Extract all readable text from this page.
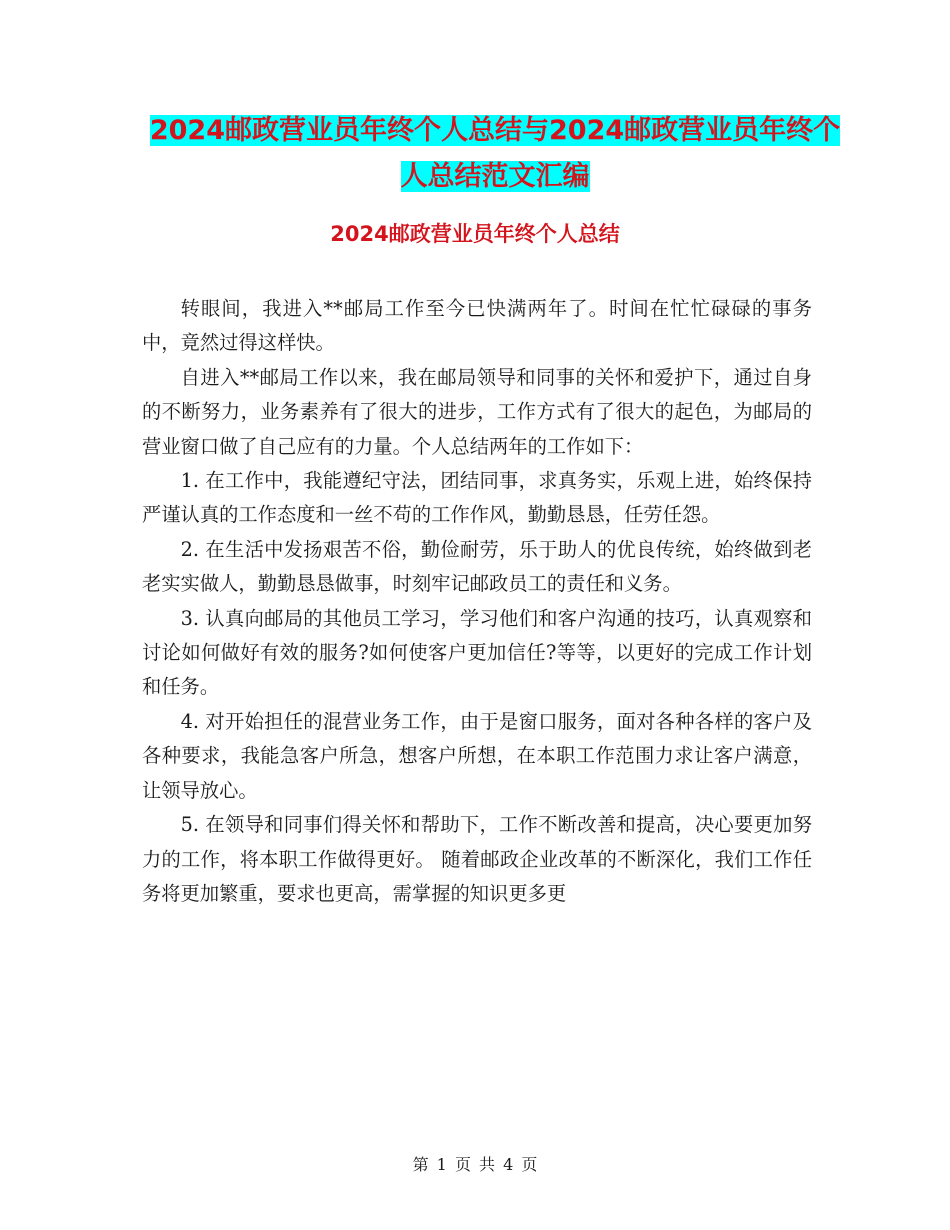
2024邮政营业员年终个人总结与2024邮政营业员年终个人总结范文汇编
2024邮政营业员年终个人总结

转眼间，我进入**邮局工作至今已快满两年了。时间在忙忙碌碌的事务中，竟然过得这样快。

自进入**邮局工作以来，我在邮局领导和同事的关怀和爱护下，通过自身的不断努力，业务素养有了很大的进步，工作方式有了很大的起色，为邮局的营业窗口做了自己应有的力量。个人总结两年的工作如下：

1. 在工作中，我能遵纪守法，团结同事，求真务实，乐观上进，始终保持严谨认真的工作态度和一丝不苟的工作作风，勤勤恳恳，任劳任怨。

2. 在生活中发扬艰苦不俗，勤俭耐劳，乐于助人的优良传统，始终做到老老实实做人，勤勤恳恳做事，时刻牢记邮政员工的责任和义务。

3. 认真向邮局的其他员工学习，学习他们和客户沟通的技巧，认真观察和讨论如何做好有效的服务?如何使客户更加信任?等等，以更好的完成工作计划和任务。

4. 对开始担任的混营业务工作，由于是窗口服务，面对各种各样的客户及各种要求，我能急客户所急，想客户所想，在本职工作范围力求让客户满意，让领导放心。

5. 在领导和同事们得关怀和帮助下，工作不断改善和提高，决心要更加努力的工作，将本职工作做得更好。 随着邮政企业改革的不断深化，我们工作任务将更加繁重，要求也更高，需掌握的知识更多更

第 1 页 共 4 页
